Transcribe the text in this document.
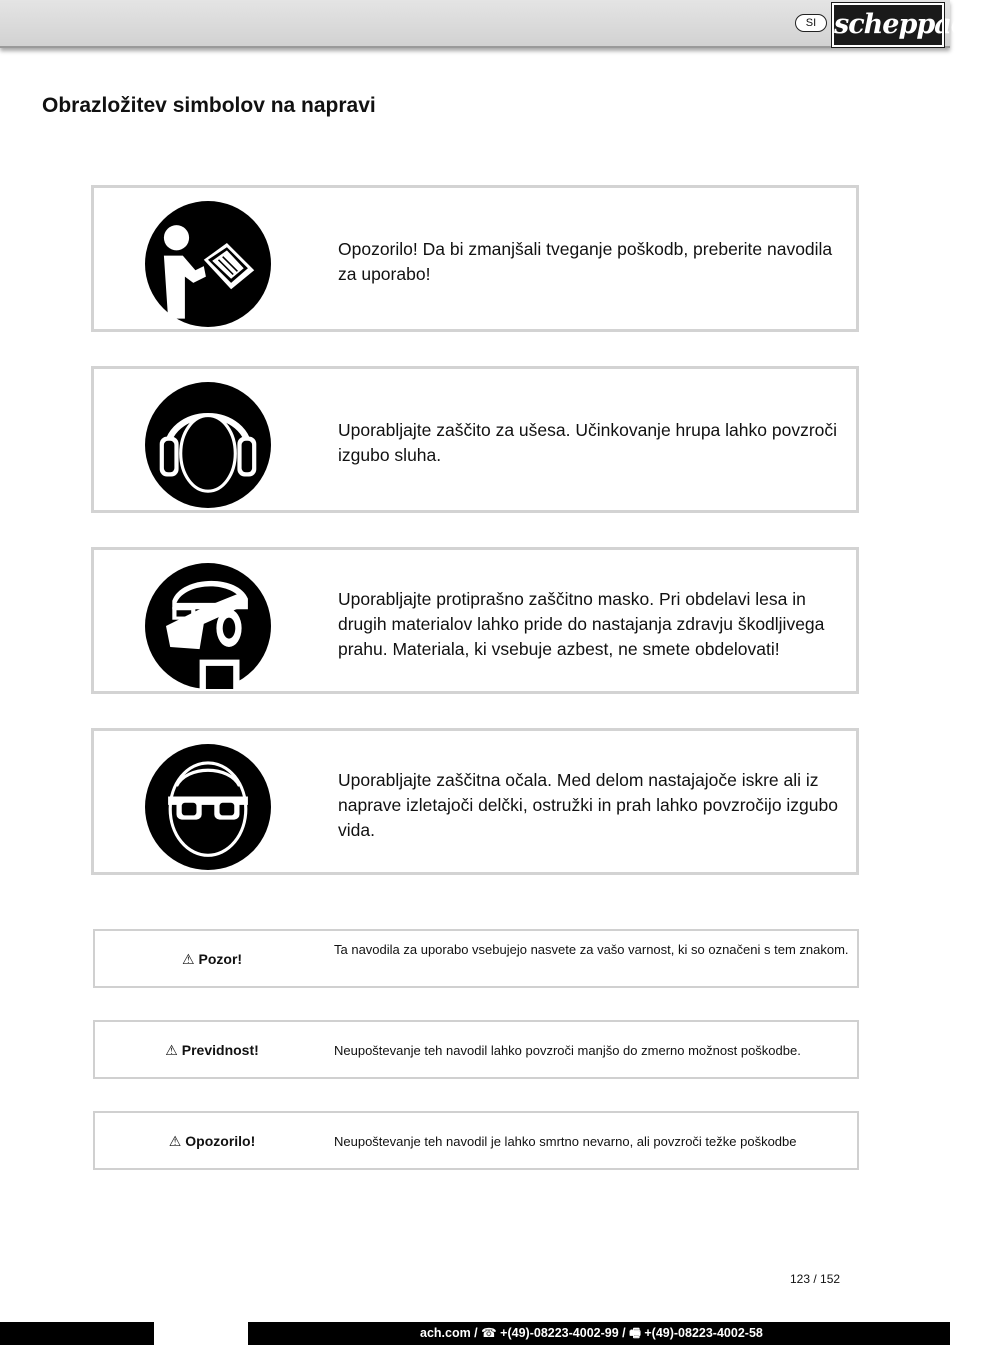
SI scheppach
Obrazložitev simbolov na napravi
Opozorilo! Da bi zmanjšali tveganje poškodb, preberite navodila za uporabo!
Uporabljajte zaščito za ušesa. Učinkovanje hrupa lahko povzroči izgubo sluha.
Uporabljajte protiprašno zaščitno masko. Pri obdelavi lesa in drugih materialov lahko pride do nastajanja zdravju škodljivega prahu. Materiala, ki vsebuje azbest, ne smete obdelovati!
Uporabljajte zaščitna očala. Med delom nastajajoče iskre ali iz naprave izletajoči delčki, ostružki in prah lahko povzročijo izgubo vida.
⚠ Pozor!
Ta navodila za uporabo vsebujejo nasvete za vašo varnost, ki so označeni s tem znakom.
⚠ Previdnost!	Neupoštevanje teh navodil lahko povzroči manjšo do zmerno možnost poškodbe.
⚠ Opozorilo!	Neupoštevanje teh navodil je lahko smrtno nevarno, ali povzroči težke poškodbe
123 / 152
ach.com / ☎ +(49)-08223-4002-99 / 🖷 +(49)-08223-4002-58
